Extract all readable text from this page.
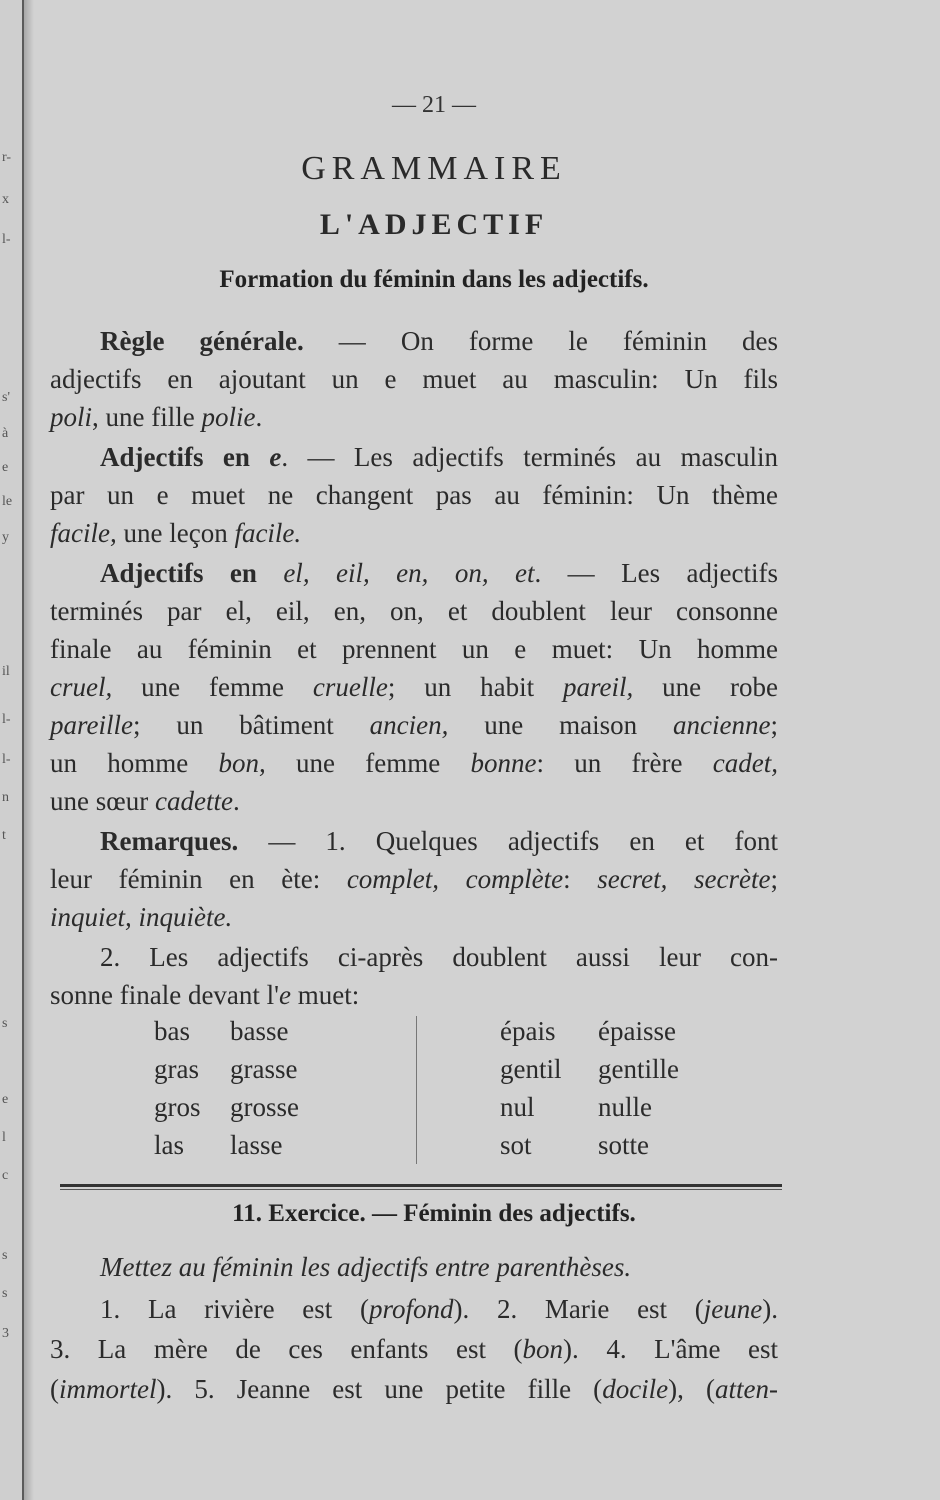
r-
x
l-
s'
à
e
le
y
il
l-
l-
n
t
s
e
l
c
s
s
3
— 21 —
GRAMMAIRE
L'ADJECTIF
Formation du féminin dans les adjectifs.
Règle générale. — On forme le féminin des
adjectifs en ajoutant un e muet au masculin: Un fils
poli, une fille polie.
Adjectifs en e. — Les adjectifs terminés au masculin
par un e muet ne changent pas au féminin: Un thème
facile, une leçon facile.
Adjectifs en el, eil, en, on, et. — Les adjectifs
terminés par el, eil, en, on, et doublent leur consonne
finale au féminin et prennent un e muet: Un homme
cruel, une femme cruelle; un habit pareil, une robe
pareille; un bâtiment ancien, une maison ancienne;
un homme bon, une femme bonne: un frère cadet,
une sœur cadette.
Remarques. — 1. Quelques adjectifs en et font
leur féminin en ète: complet, complète: secret, secrète;
inquiet, inquiète.
2. Les adjectifs ci-après doublent aussi leur con-
sonne finale devant l'e muet:
bas basse	épais épaisse
gras grasse	gentil gentille
gros grosse	nul nulle
las lasse	sot sotte
11. Exercice. — Féminin des adjectifs.
Mettez au féminin les adjectifs entre parenthèses.
1. La rivière est (profond). 2. Marie est (jeune).
3. La mère de ces enfants est (bon). 4. L'âme est
(immortel). 5. Jeanne est une petite fille (docile), (atten-
